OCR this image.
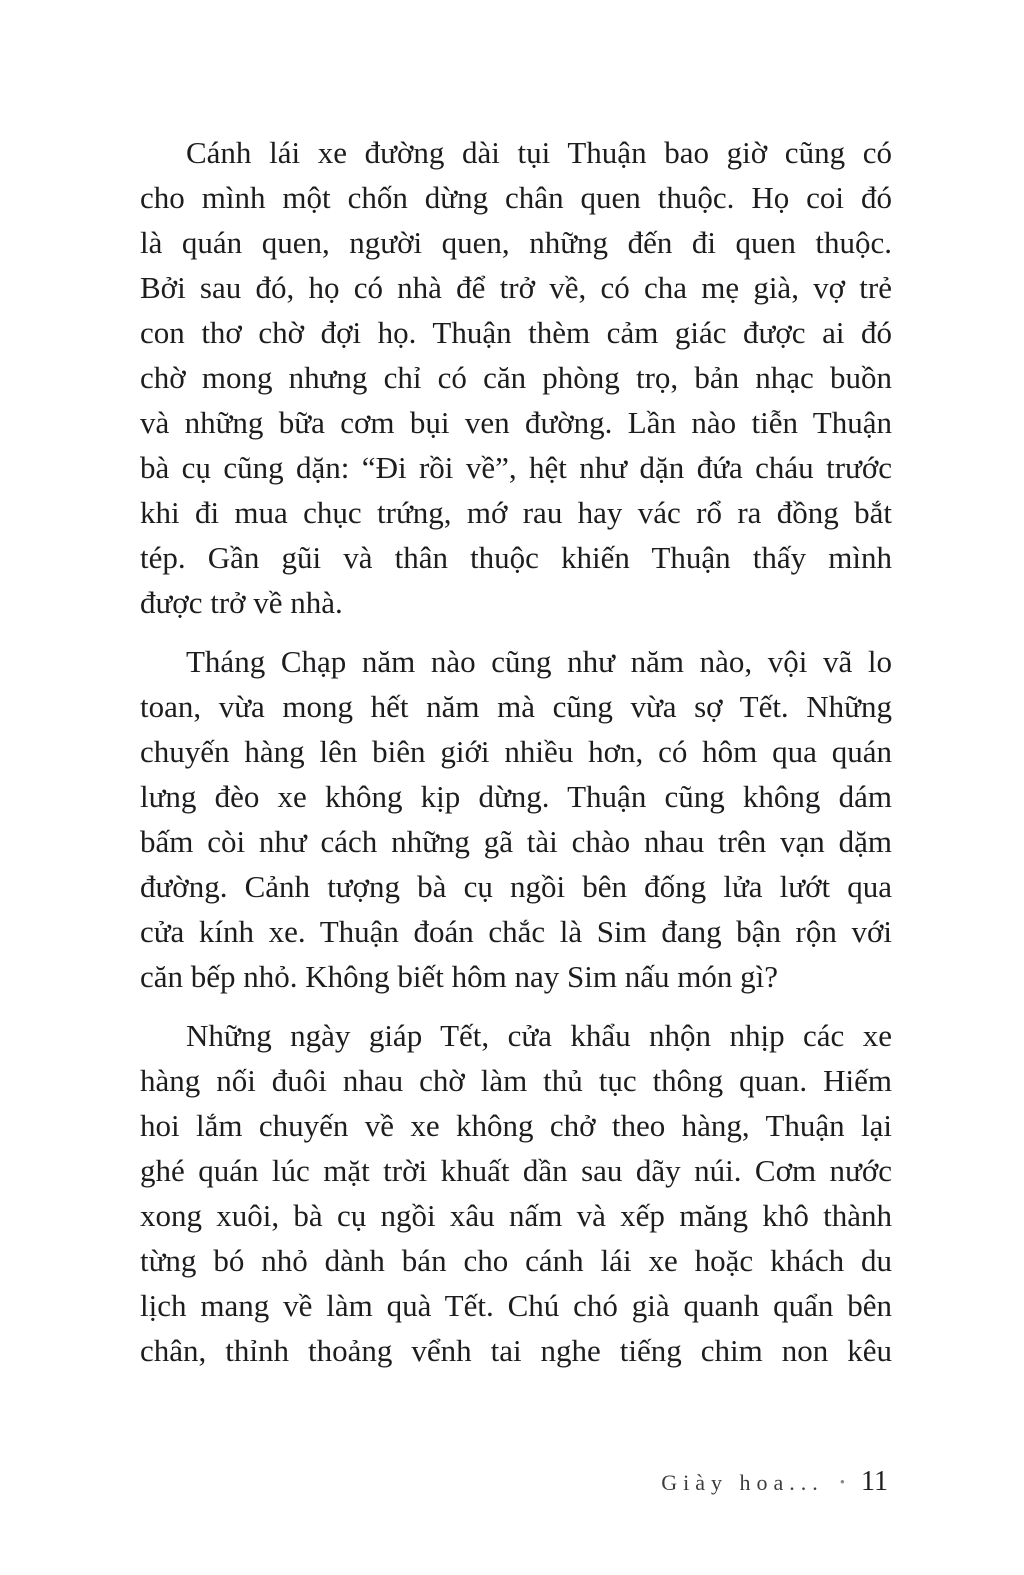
Cánh lái xe đường dài tụi Thuận bao giờ cũng có
cho mình một chốn dừng chân quen thuộc. Họ coi đó
là quán quen, người quen, những đến đi quen thuộc.
Bởi sau đó, họ có nhà để trở về, có cha mẹ già, vợ trẻ
con thơ chờ đợi họ. Thuận thèm cảm giác được ai đó
chờ mong nhưng chỉ có căn phòng trọ, bản nhạc buồn
và những bữa cơm bụi ven đường. Lần nào tiễn Thuận
bà cụ cũng dặn: “Đi rồi về”, hệt như dặn đứa cháu trước
khi đi mua chục trứng, mớ rau hay vác rổ ra đồng bắt
tép. Gần gũi và thân thuộc khiến Thuận thấy mình
được trở về nhà.
Tháng Chạp năm nào cũng như năm nào, vội vã lo
toan, vừa mong hết năm mà cũng vừa sợ Tết. Những
chuyến hàng lên biên giới nhiều hơn, có hôm qua quán
lưng đèo xe không kịp dừng. Thuận cũng không dám
bấm còi như cách những gã tài chào nhau trên vạn dặm
đường. Cảnh tượng bà cụ ngồi bên đống lửa lướt qua
cửa kính xe. Thuận đoán chắc là Sim đang bận rộn với
căn bếp nhỏ. Không biết hôm nay Sim nấu món gì?
Những ngày giáp Tết, cửa khẩu nhộn nhịp các xe
hàng nối đuôi nhau chờ làm thủ tục thông quan. Hiếm
hoi lắm chuyến về xe không chở theo hàng, Thuận lại
ghé quán lúc mặt trời khuất dần sau dãy núi. Cơm nước
xong xuôi, bà cụ ngồi xâu nấm và xếp măng khô thành
từng bó nhỏ dành bán cho cánh lái xe hoặc khách du
lịch mang về làm quà Tết. Chú chó già quanh quẩn bên
chân, thỉnh thoảng vểnh tai nghe tiếng chim non kêu
Giày hoa... • 11
